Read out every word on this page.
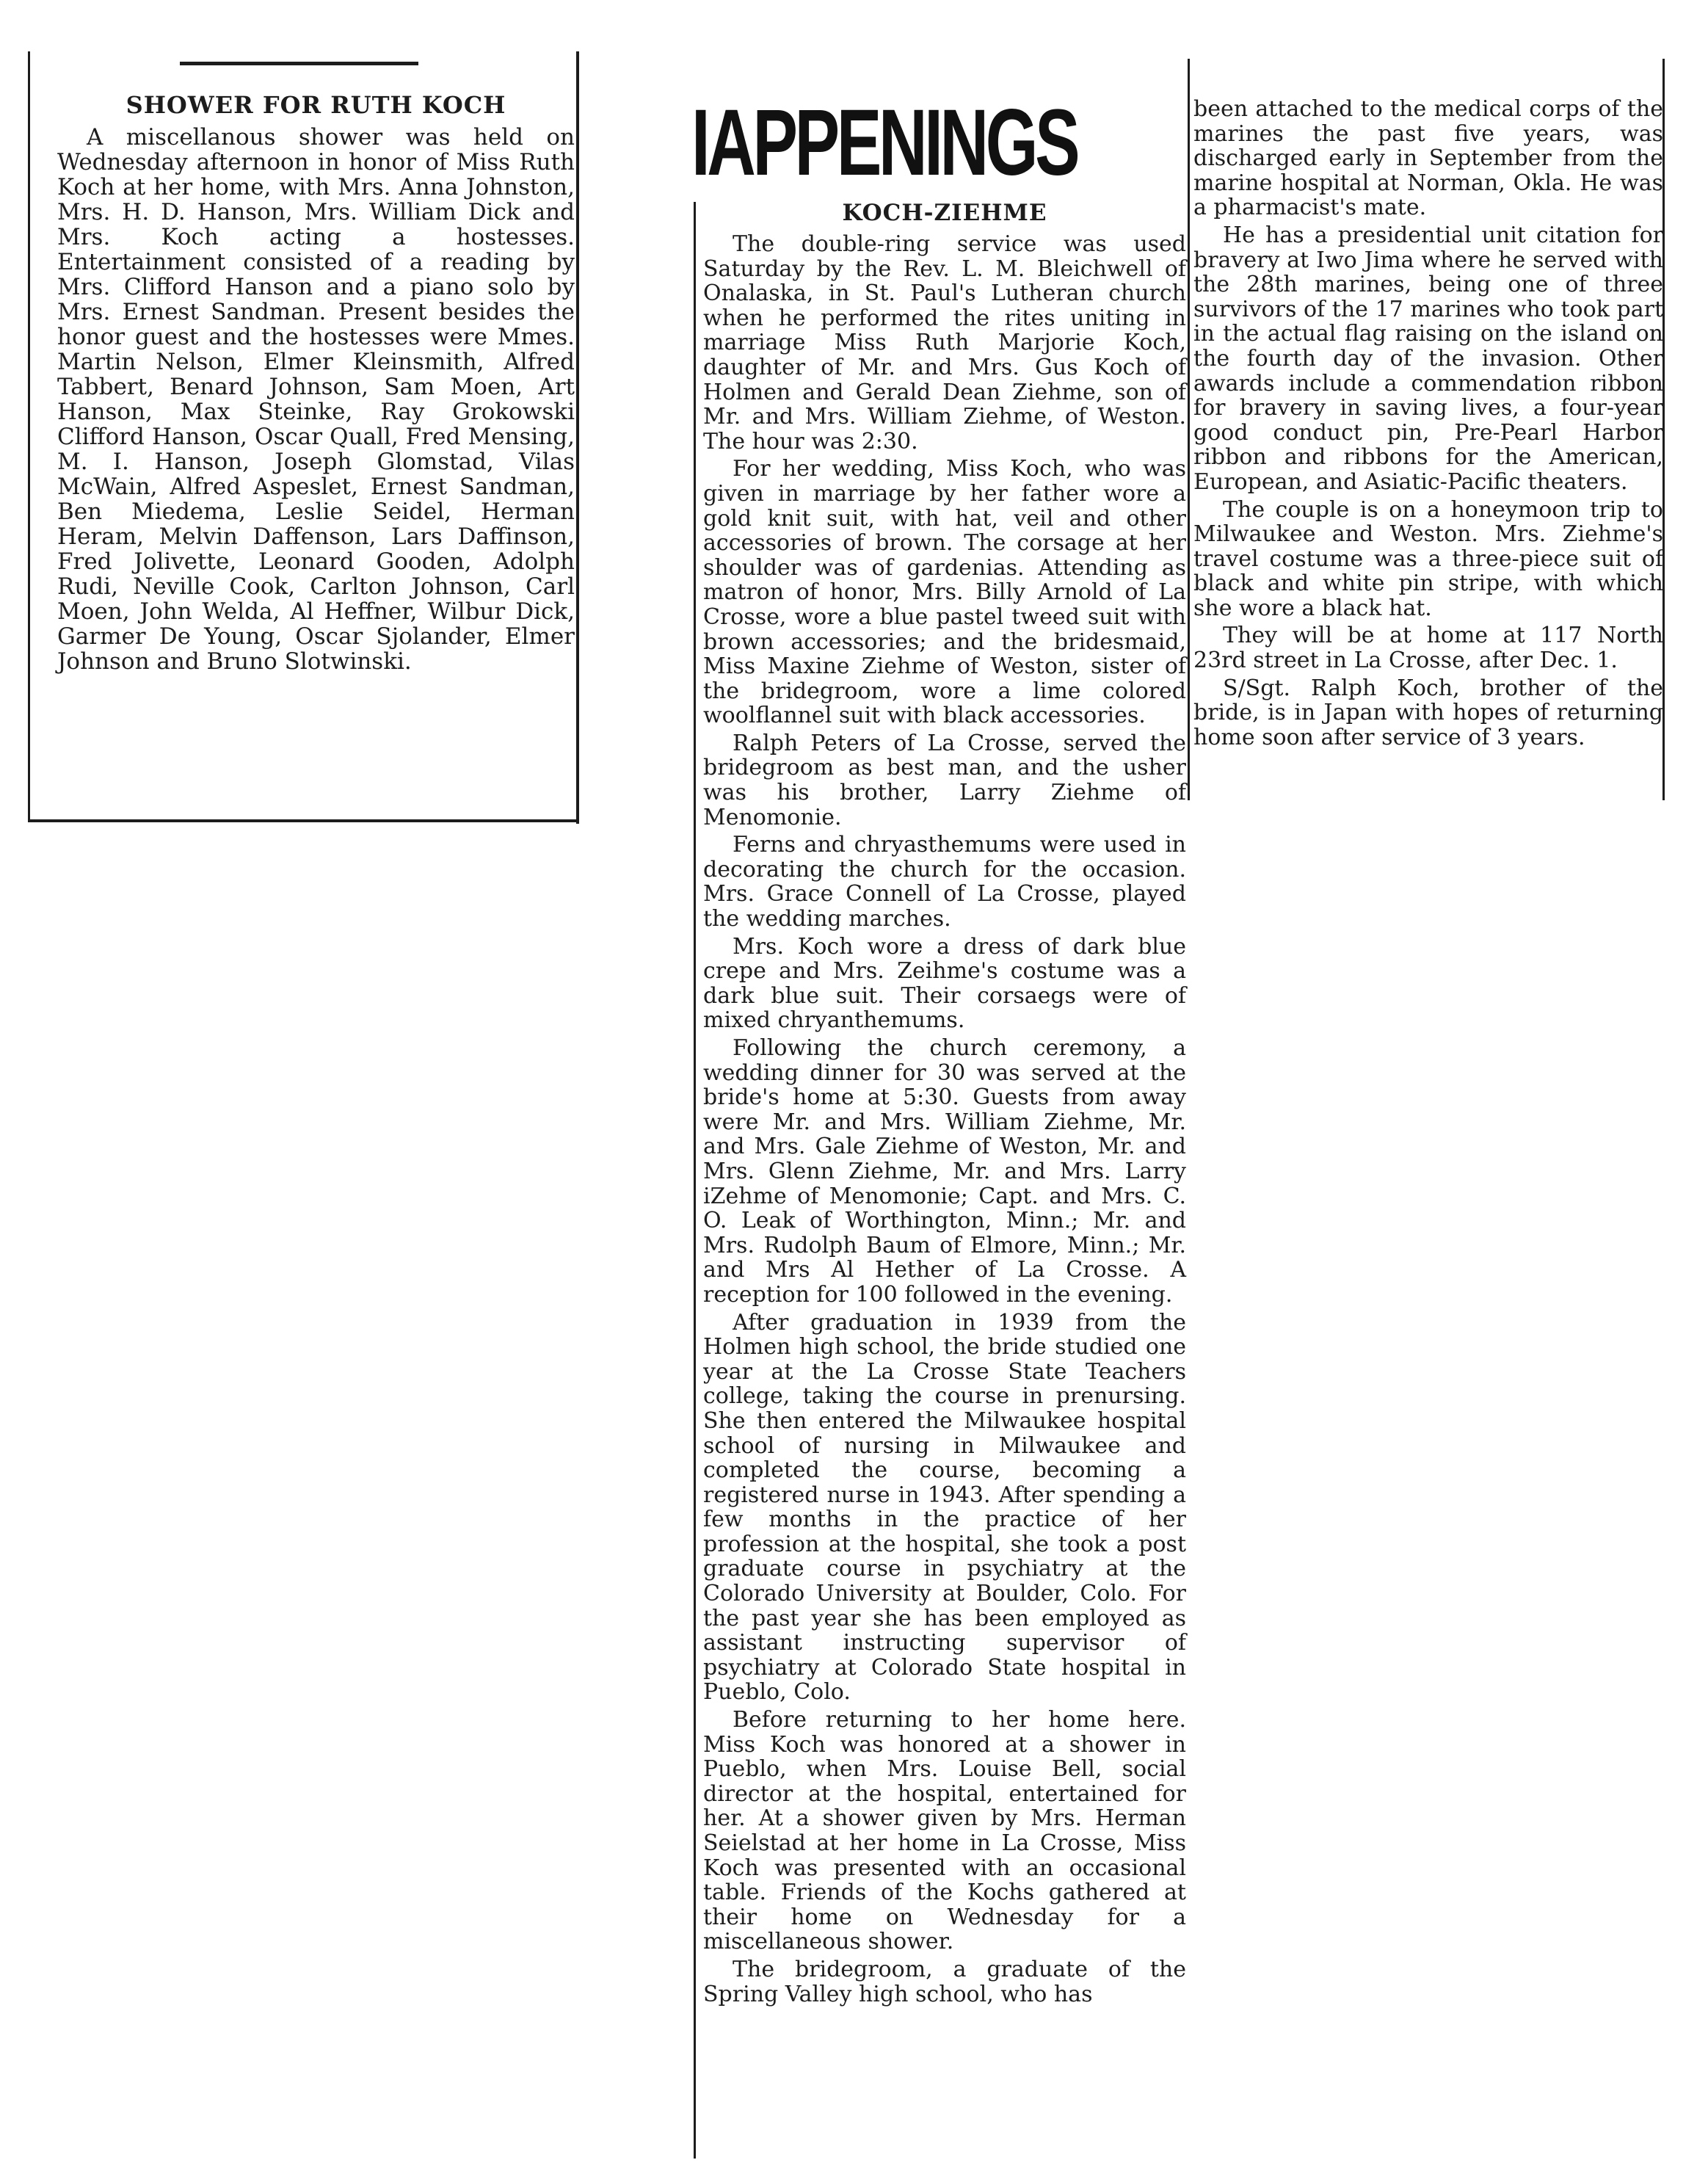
SHOWER FOR RUTH KOCH

A miscellanous shower was held on Wednesday afternoon in honor of Miss Ruth Koch at her home, with Mrs. Anna Johnston, Mrs. H. D. Hanson, Mrs. William Dick and Mrs. Koch acting a hostesses. Entertainment consisted of a reading by Mrs. Clifford Hanson and a piano solo by Mrs. Ernest Sandman. Present besides the honor guest and the hostesses were Mmes. Martin Nelson, Elmer Kleinsmith, Alfred Tabbert, Benard Johnson, Sam Moen, Art Hanson, Max Steinke, Ray Grokowski Clifford Hanson, Oscar Quall, Fred Mensing, M. I. Hanson, Joseph Glomstad, Vilas McWain, Alfred Aspeslet, Ernest Sandman, Ben Miedema, Leslie Seidel, Herman Heram, Melvin Daffenson, Lars Daffinson, Fred Jolivette, Leonard Gooden, Adolph Rudi, Neville Cook, Carlton Johnson, Carl Moen, John Welda, Al Heffner, Wilbur Dick, Garmer De Young, Oscar Sjolander, Elmer Johnson and Bruno Slotwinski.

IAPPENINGS

KOCH-ZIEHME

The double-ring service was used Saturday by the Rev. L. M. Bleichwell of Onalaska, in St. Paul's Lutheran church when he performed the rites uniting in marriage Miss Ruth Marjorie Koch, daughter of Mr. and Mrs. Gus Koch of Holmen and Gerald Dean Ziehme, son of Mr. and Mrs. William Ziehme, of Weston. The hour was 2:30.

For her wedding, Miss Koch, who was given in marriage by her father wore a gold knit suit, with hat, veil and other accessories of brown. The corsage at her shoulder was of gardenias. Attending as matron of honor, Mrs. Billy Arnold of La Crosse, wore a blue pastel tweed suit with brown accessories; and the bridesmaid, Miss Maxine Ziehme of Weston, sister of the bridegroom, wore a lime colored woolflannel suit with black accessories.

Ralph Peters of La Crosse, served the bridegroom as best man, and the usher was his brother, Larry Ziehme of Menomonie.

Ferns and chryasthemums were used in decorating the church for the occasion. Mrs. Grace Connell of La Crosse, played the wedding marches.

Mrs. Koch wore a dress of dark blue crepe and Mrs. Zeihme's costume was a dark blue suit. Their corsaegs were of mixed chryanthemums.

Following the church ceremony, a wedding dinner for 30 was served at the bride's home at 5:30. Guests from away were Mr. and Mrs. William Ziehme, Mr. and Mrs. Gale Ziehme of Weston, Mr. and Mrs. Glenn Ziehme, Mr. and Mrs. Larry iZehme of Menomonie; Capt. and Mrs. C. O. Leak of Worthington, Minn.; Mr. and Mrs. Rudolph Baum of Elmore, Minn.; Mr. and Mrs Al Hether of La Crosse. A reception for 100 followed in the evening.

After graduation in 1939 from the Holmen high school, the bride studied one year at the La Crosse State Teachers college, taking the course in prenursing. She then entered the Milwaukee hospital school of nursing in Milwaukee and completed the course, becoming a registered nurse in 1943. After spending a few months in the practice of her profession at the hospital, she took a post graduate course in psychiatry at the Colorado University at Boulder, Colo. For the past year she has been employed as assistant instructing supervisor of psychiatry at Colorado State hospital in Pueblo, Colo.

Before returning to her home here. Miss Koch was honored at a shower in Pueblo, when Mrs. Louise Bell, social director at the hospital, entertained for her. At a shower given by Mrs. Herman Seielstad at her home in La Crosse, Miss Koch was presented with an occasional table. Friends of the Kochs gathered at their home on Wednesday for a miscellaneous shower.

The bridegroom, a graduate of the Spring Valley high school, who has

been attached to the medical corps of the marines the past five years, was discharged early in September from the marine hospital at Norman, Okla. He was a pharmacist's mate.

He has a presidential unit citation for bravery at Iwo Jima where he served with the 28th marines, being one of three survivors of the 17 marines who took part in the actual flag raising on the island on the fourth day of the invasion. Other awards include a commendation ribbon for bravery in saving lives, a four-year good conduct pin, Pre-Pearl Harbor ribbon and ribbons for the American, European, and Asiatic-Pacific theaters.

The couple is on a honeymoon trip to Milwaukee and Weston. Mrs. Ziehme's travel costume was a three-piece suit of black and white pin stripe, with which she wore a black hat.

They will be at home at 117 North 23rd street in La Crosse, after Dec. 1.

S/Sgt. Ralph Koch, brother of the bride, is in Japan with hopes of returning home soon after service of 3 years.
